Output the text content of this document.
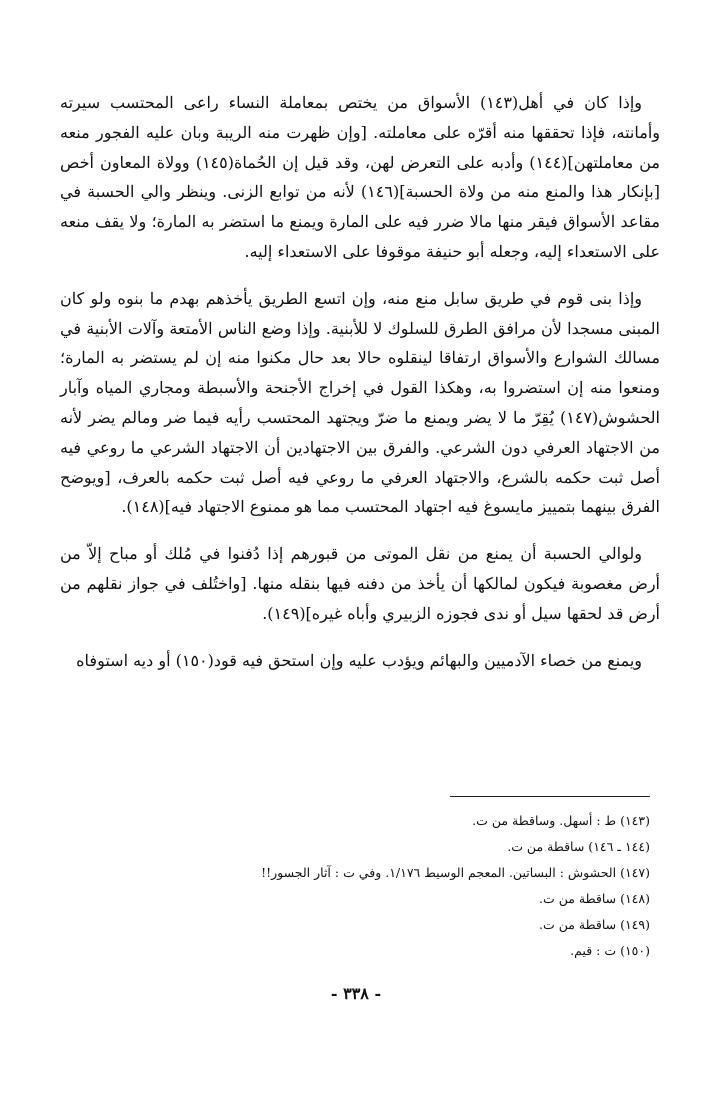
وإذا كان في أهل(١٤٣) الأسواق من يختص بمعاملة النساء راعى المحتسب سيرته وأمانته، فإذا تحققها منه أقرّه على معاملته. [وإن ظهرت منه الريبة وبان عليه الفجور منعه من معاملتهن](١٤٤) وأدبه على التعرض لهن، وقد قيل إن الحُماة(١٤٥) وولاة المعاون أخص [بإنكار هذا والمنع منه من ولاة الحسبة](١٤٦) لأنه من توابع الزنى. وينظر والي الحسبة في مقاعد الأسواق فيقر منها مالا ضرر فيه على المارة ويمنع ما استضر به المارة؛ ولا يقف منعه على الاستعداء إليه، وجعله أبو حنيفة موقوفا على الاستعداء إليه.

وإذا بنى قوم في طريق سابل منع منه، وإن اتسع الطريق يأخذهم بهدم ما بنوه ولو كان المبنى مسجدا لأن مرافق الطرق للسلوك لا للأبنية. وإذا وضع الناس الأمتعة وآلات الأبنية في مسالك الشوارع والأسواق ارتفاقا لينقلوه حالا بعد حال مكنوا منه إن لم يستضر به المارة؛ ومنعوا منه إن استضروا به، وهكذا القول في إخراج الأجنحة والأسبطة ومجاري المياه وآبار الحشوش(١٤٧) يُقِرّ ما لا يضر ويمنع ما ضرّ ويجتهد المحتسب رأيه فيما ضر ومالم يضر لأنه من الاجتهاد العرفي دون الشرعي. والفرق بين الاجتهادين أن الاجتهاد الشرعي ما روعي فيه أصل ثبت حكمه بالشرع، والاجتهاد العرفي ما روعي فيه أصل ثبت حكمه بالعرف، [ويوضح الفرق بينهما بتمييز مايسوغ فيه اجتهاد المحتسب مما هو ممنوع الاجتهاد فيه](١٤٨).

ولوالي الحسبة أن يمنع من نقل الموتى من قبورهم إذا دُفنوا في مُلك أو مباح إلاّ من أرض مغصوبة فيكون لمالكها أن يأخذ من دفنه فيها بنقله منها. [واختُلف في جواز نقلهم من أرض قد لحقها سيل أو ندى فجوزه الزبيري وأباه غيره](١٤٩).

ويمنع من خصاء الآدميين والبهائم ويؤدب عليه وإن استحق فيه قود(١٥٠) أو ديه استوفاه

(١٤٣) ط : أسهل. وساقطة من ت.
(١٤٤ ـ ١٤٦) ساقطة من ت.
(١٤٧) الحشوش : البساتين. المعجم الوسيط ١/١٧٦. وفي ت : آثار الجسور!!
(١٤٨) ساقطة من ت.
(١٤٩) ساقطة من ت.
(١٥٠) ت : قيم.
- ٣٣٨ -
